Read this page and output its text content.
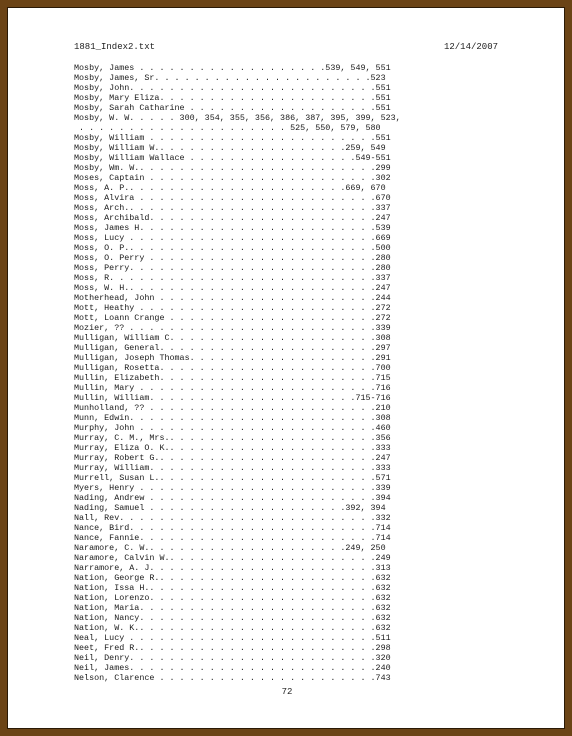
1881_Index2.txt	12/14/2007
Mosby, James . . . . . . . . . . . . . . . . . . .539, 549, 551
Mosby, James, Sr. . . . . . . . . . . . . . . . . . . . . .523
Mosby, John. . . . . . . . . . . . . . . . . . . . . . . . .551
Mosby, Mary Eliza. . . . . . . . . . . . . . . . . . . . . .551
Mosby, Sarah Catharine . . . . . . . . . . . . . . . . . . .551
Mosby, W. W. . . . . 300, 354, 355, 356, 386, 387, 395, 399, 523,
. . . . . . . . . . . . . . . . . . . . . 525, 550, 579, 580
Mosby, William . . . . . . . . . . . . . . . . . . . . . . .551
Mosby, William W.. . . . . . . . . . . . . . . . . . .259, 549
Mosby, William Wallace . . . . . . . . . . . . . . . . .549-551
Mosby, Wm. W.. . . . . . . . . . . . . . . . . . . . . . . .299
Moses, Captain . . . . . . . . . . . . . . . . . . . . . . .302
Moss, A. P.. . . . . . . . . . . . . . . . . . . . . .669, 670
Moss, Alvira . . . . . . . . . . . . . . . . . . . . . . . .670
Moss, Arch.. . . . . . . . . . . . . . . . . . . . . . . . .337
Moss, Archibald. . . . . . . . . . . . . . . . . . . . . . .247
Moss, James H. . . . . . . . . . . . . . . . . . . . . . . .539
Moss, Lucy . . . . . . . . . . . . . . . . . . . . . . . . .669
Moss, O. P.. . . . . . . . . . . . . . . . . . . . . . . . .500
Moss, O. Perry . . . . . . . . . . . . . . . . . . . . . . .280
Moss, Perry. . . . . . . . . . . . . . . . . . . . . . . . .280
Moss, R. . . . . . . . . . . . . . . . . . . . . . . . . . .337
Moss, W. H.. . . . . . . . . . . . . . . . . . . . . . . . .247
Motherhead, John . . . . . . . . . . . . . . . . . . . . . .244
Mott, Heathy . . . . . . . . . . . . . . . . . . . . . . . .272
Mott, Loann Crange . . . . . . . . . . . . . . . . . . . . .272
Mozier, ?? . . . . . . . . . . . . . . . . . . . . . . . . .339
Mulligan, William C. . . . . . . . . . . . . . . . . . . . .308
Mulligan, General. . . . . . . . . . . . . . . . . . . . . .297
Mulligan, Joseph Thomas. . . . . . . . . . . . . . . . . . .291
Mulligan, Rosetta. . . . . . . . . . . . . . . . . . . . . .700
Mullin, Elizabeth. . . . . . . . . . . . . . . . . . . . . .715
Mullin, Mary . . . . . . . . . . . . . . . . . . . . . . . .716
Mullin, William. . . . . . . . . . . . . . . . . . . . .715-716
Munholland, ?? . . . . . . . . . . . . . . . . . . . . . . .210
Munn, Edwin. . . . . . . . . . . . . . . . . . . . . . . . .308
Murphy, John . . . . . . . . . . . . . . . . . . . . . . . .460
Murray, C. M., Mrs.. . . . . . . . . . . . . . . . . . . . .356
Murray, Eliza O. K.. . . . . . . . . . . . . . . . . . . . .333
Murray, Robert G.. . . . . . . . . . . . . . . . . . . . . .247
Murray, William. . . . . . . . . . . . . . . . . . . . . . .333
Murrell, Susan L.. . . . . . . . . . . . . . . . . . . . . .571
Myers, Henry . . . . . . . . . . . . . . . . . . . . . . . .339
Nading, Andrew . . . . . . . . . . . . . . . . . . . . . . .394
Nading, Samuel . . . . . . . . . . . . . . . . . . . .392, 394
Nall, Rev. . . . . . . . . . . . . . . . . . . . . . . . . .332
Nance, Bird. . . . . . . . . . . . . . . . . . . . . . . . .714
Nance, Fannie. . . . . . . . . . . . . . . . . . . . . . . .714
Naramore, C. W.. . . . . . . . . . . . . . . . . . . .249, 250
Naramore, Calvin W.. . . . . . . . . . . . . . . . . . . . .249
Narramore, A. J. . . . . . . . . . . . . . . . . . . . . . .313
Nation, George R.. . . . . . . . . . . . . . . . . . . . . .632
Nation, Issa H.. . . . . . . . . . . . . . . . . . . . . . .632
Nation, Lorenzo. . . . . . . . . . . . . . . . . . . . . . .632
Nation, Maria. . . . . . . . . . . . . . . . . . . . . . . .632
Nation, Nancy. . . . . . . . . . . . . . . . . . . . . . . .632
Nation, W. K.. . . . . . . . . . . . . . . . . . . . . . . .632
Neal, Lucy . . . . . . . . . . . . . . . . . . . . . . . . .511
Neet, Fred R.. . . . . . . . . . . . . . . . . . . . . . . .298
Neil, Denry. . . . . . . . . . . . . . . . . . . . . . . . .320
Neil, James. . . . . . . . . . . . . . . . . . . . . . . . .240
Nelson, Clarence . . . . . . . . . . . . . . . . . . . . . .743
72
